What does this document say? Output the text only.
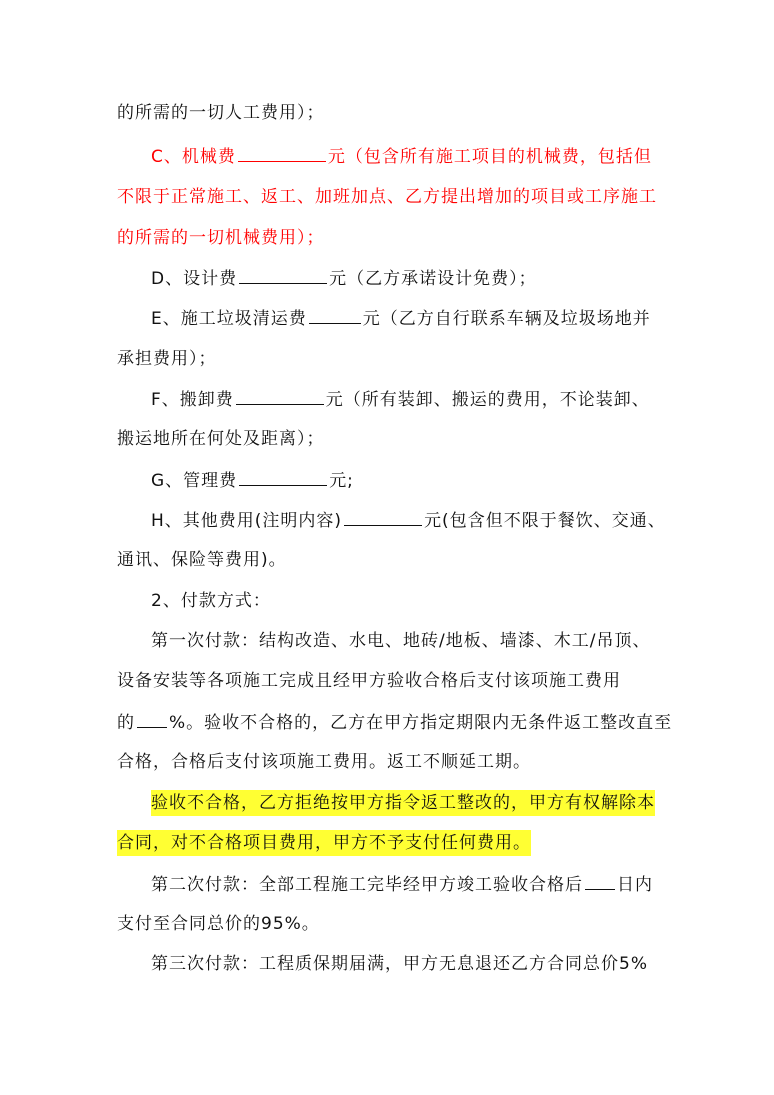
的所需的一切人工费用）；
C、机械费	元（包含所有施工项目的机械费，包括但
不限于正常施工、返工、加班加点、乙方提出增加的项目或工序施工
的所需的一切机械费用）；
D、设计费	元（乙方承诺设计免费）；
E、施工垃圾清运费	元（乙方自行联系车辆及垃圾场地并
承担费用）；
F、搬卸费	元（所有装卸、搬运的费用，不论装卸、
搬运地所在何处及距离）；
G、管理费	元;
H、其他费用(注明内容)	元(包含但不限于餐饮、交通、
通讯、保险等费用)。
2、付款方式：
第一次付款：结构改造、水电、地砖/地板、墙漆、木工/吊顶、
设备安装等各项施工完成且经甲方验收合格后支付该项施工费用
的 %。验收不合格的，乙方在甲方指定期限内无条件返工整改直至
合格，合格后支付该项施工费用。返工不顺延工期。
验收不合格，乙方拒绝按甲方指令返工整改的，甲方有权解除本
合同，对不合格项目费用，甲方不予支付任何费用。
第二次付款：全部工程施工完毕经甲方竣工验收合格后 日内
支付至合同总价的95%。
第三次付款：工程质保期届满，甲方无息退还乙方合同总价5%
